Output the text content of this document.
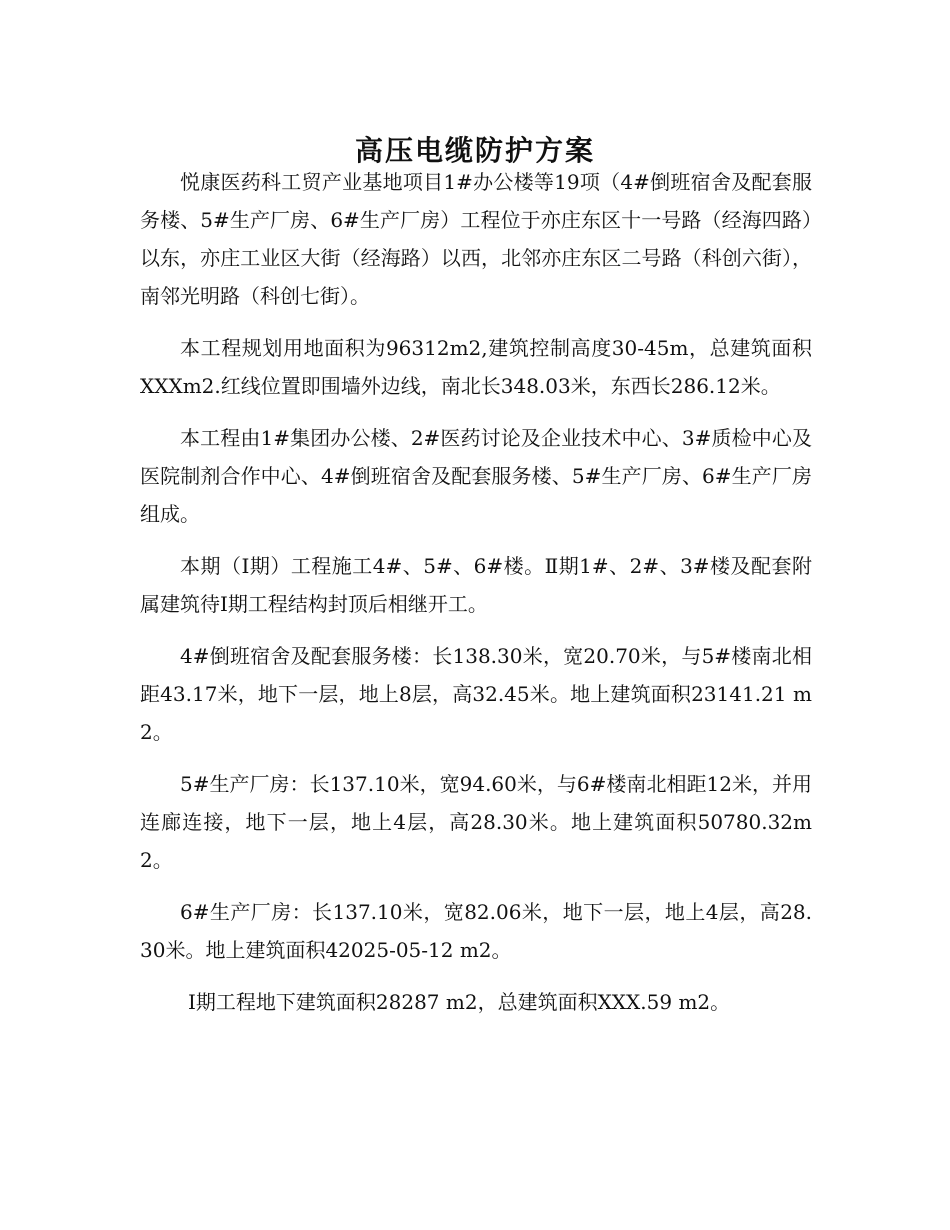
高压电缆防护方案

悦康医药科工贸产业基地项目1#办公楼等19项（4#倒班宿舍及配套服务楼、5#生产厂房、6#生产厂房）工程位于亦庄东区十一号路（经海四路）以东，亦庄工业区大街（经海路）以西，北邻亦庄东区二号路（科创六街），南邻光明路（科创七街）。

本工程规划用地面积为96312m2,建筑控制高度30-45m，总建筑面积XXXm2.红线位置即围墙外边线，南北长348.03米，东西长286.12米。

本工程由1#集团办公楼、2#医药讨论及企业技术中心、3#质检中心及医院制剂合作中心、4#倒班宿舍及配套服务楼、5#生产厂房、6#生产厂房组成。

本期（Ⅰ期）工程施工4#、5#、6#楼。Ⅱ期1#、2#、3#楼及配套附属建筑待Ⅰ期工程结构封顶后相继开工。

4#倒班宿舍及配套服务楼：长138.30米，宽20.70米，与5#楼南北相距43.17米，地下一层，地上8层，高32.45米。地上建筑面积23141.21 m2。

5#生产厂房：长137.10米，宽94.60米，与6#楼南北相距12米，并用连廊连接，地下一层，地上4层，高28.30米。地上建筑面积50780.32m2。

6#生产厂房：长137.10米，宽82.06米，地下一层，地上4层，高28.30米。地上建筑面积42025-05-12 m2。

Ⅰ期工程地下建筑面积28287 m2，总建筑面积XXX.59 m2。
